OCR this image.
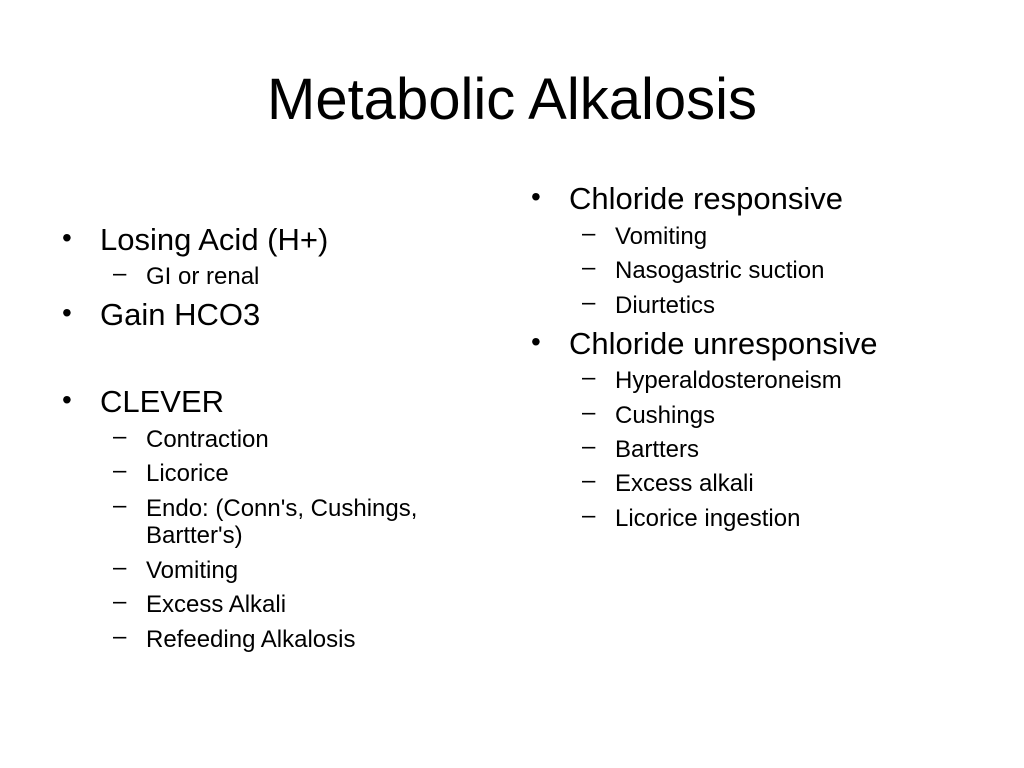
Metabolic Alkalosis
• Losing Acid (H+)
– GI or renal
• Gain HCO3
• CLEVER
– Contraction
– Licorice
– Endo: (Conn's, Cushings,
Bartter's)
– Vomiting
– Excess Alkali
– Refeeding Alkalosis
• Chloride responsive
– Vomiting
– Nasogastric suction
– Diurtetics
• Chloride unresponsive
– Hyperaldosteroneism
– Cushings
– Bartters
– Excess alkali
– Licorice ingestion
